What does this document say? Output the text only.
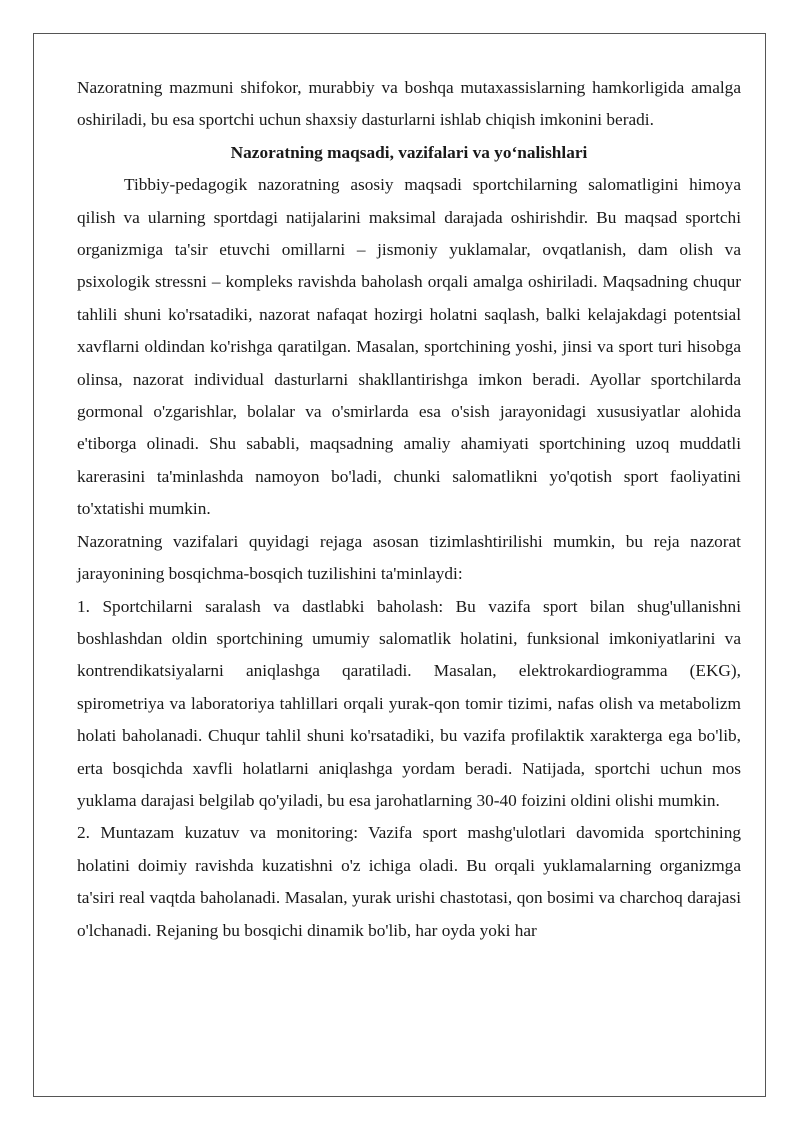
Nazoratning mazmuni shifokor, murabbiy va boshqa mutaxassislarning hamkorligida amalga oshiriladi, bu esa sportchi uchun shaxsiy dasturlarni ishlab chiqish imkonini beradi.

Nazoratning maqsadi, vazifalari va yo‘nalishlari

Tibbiy-pedagogik nazoratning asosiy maqsadi sportchilarning salomatligini himoya qilish va ularning sportdagi natijalarini maksimal darajada oshirishdir. Bu maqsad sportchi organizmiga ta'sir etuvchi omillarni – jismoniy yuklamalar, ovqatlanish, dam olish va psixologik stressni – kompleks ravishda baholash orqali amalga oshiriladi. Maqsadning chuqur tahlili shuni ko'rsatadiki, nazorat nafaqat hozirgi holatni saqlash, balki kelajakdagi potentsial xavflarni oldindan ko'rishga qaratilgan. Masalan, sportchining yoshi, jinsi va sport turi hisobga olinsa, nazorat individual dasturlarni shakllantirishga imkon beradi. Ayollar sportchilarda gormonal o'zgarishlar, bolalar va o'smirlarda esa o'sish jarayonidagi xususiyatlar alohida e'tiborga olinadi. Shu sababli, maqsadning amaliy ahamiyati sportchining uzoq muddatli karerasini ta'minlashda namoyon bo'ladi, chunki salomatlikni yo'qotish sport faoliyatini to'xtatishi mumkin.

Nazoratning vazifalari quyidagi rejaga asosan tizimlashtirilishi mumkin, bu reja nazorat jarayonining bosqichma-bosqich tuzilishini ta'minlaydi:

1. Sportchilarni saralash va dastlabki baholash: Bu vazifa sport bilan shug'ullanishni boshlashdan oldin sportchining umumiy salomatlik holatini, funksional imkoniyatlarini va kontrendikatsiyalarni aniqlashga qaratiladi. Masalan, elektrokardiogramma (EKG), spirometriya va laboratoriya tahlillari orqali yurak-qon tomir tizimi, nafas olish va metabolizm holati baholanadi. Chuqur tahlil shuni ko'rsatadiki, bu vazifa profilaktik xarakterga ega bo'lib, erta bosqichda xavfli holatlarni aniqlashga yordam beradi. Natijada, sportchi uchun mos yuklama darajasi belgilab qo'yiladi, bu esa jarohatlarning 30-40 foizini oldini olishi mumkin.

2. Muntazam kuzatuv va monitoring: Vazifa sport mashg'ulotlari davomida sportchining holatini doimiy ravishda kuzatishni o'z ichiga oladi. Bu orqali yuklamalarning organizmga ta'siri real vaqtda baholanadi. Masalan, yurak urishi chastotasi, qon bosimi va charchoq darajasi o'lchanadi. Rejaning bu bosqichi dinamik bo'lib, har oyda yoki har
